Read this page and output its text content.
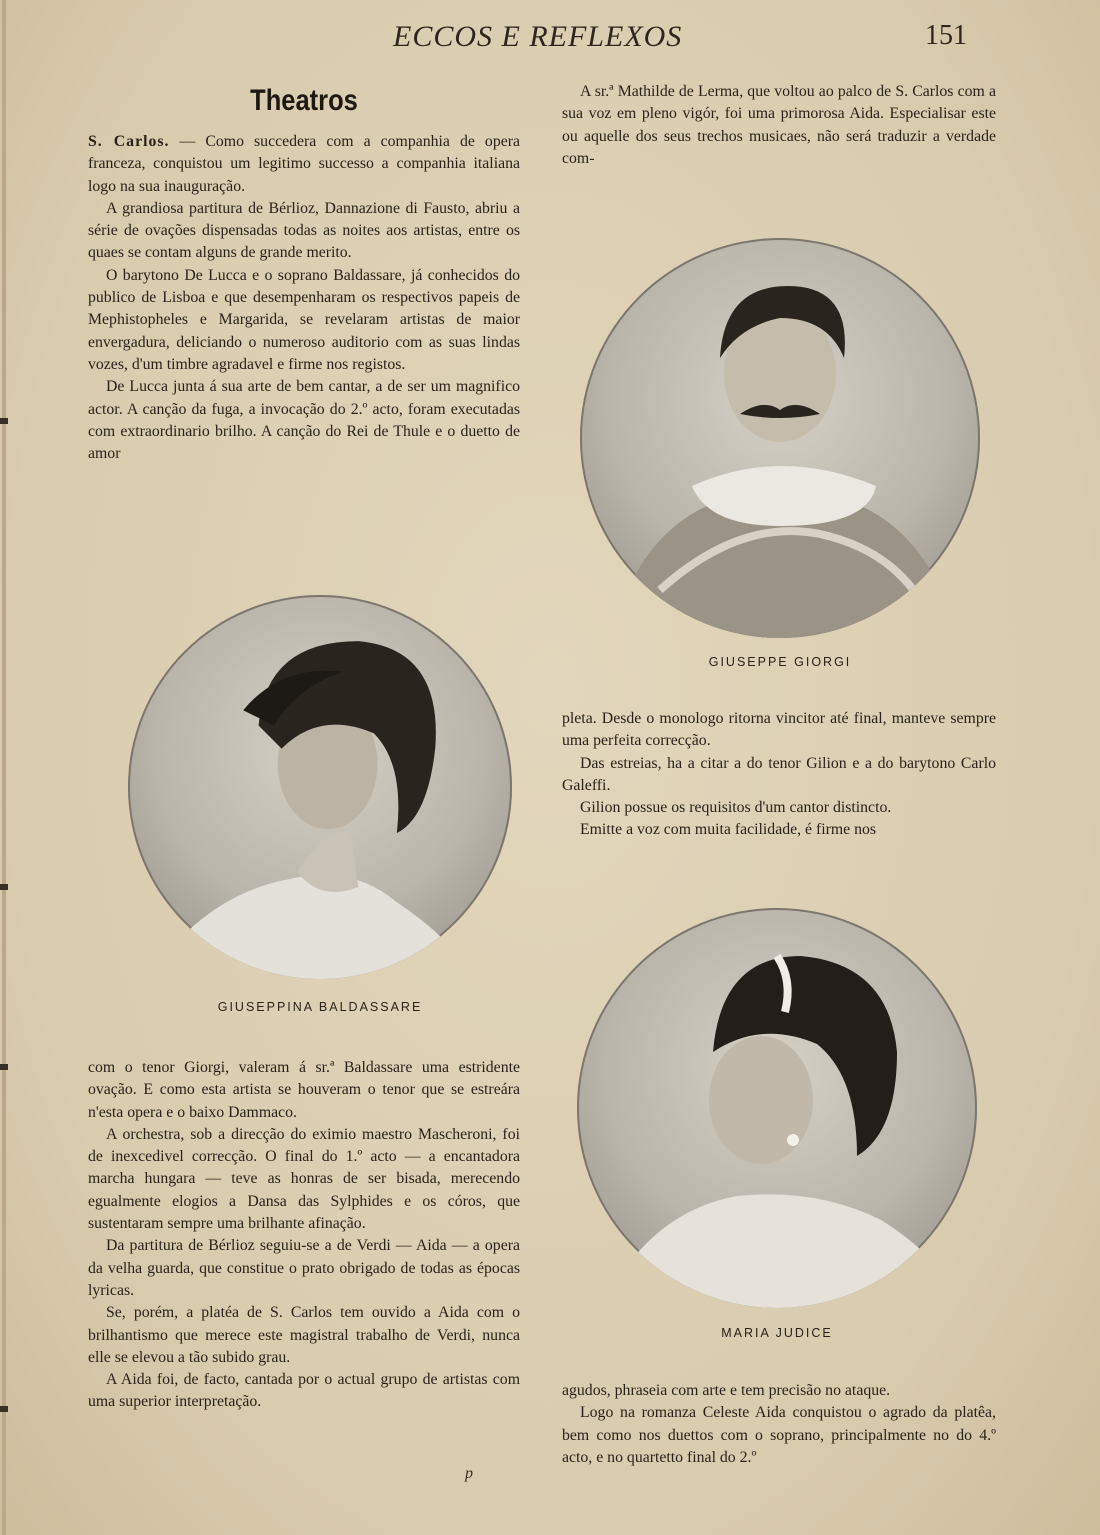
ECCOS E REFLEXOS	151
Theatros

S. Carlos. — Como succedera com a companhia de opera franceza, conquistou um legitimo successo a companhia italiana logo na sua inauguração.

A grandiosa partitura de Bérlioz, Dannazione di Fausto, abriu a série de ovações dispensadas todas as noites aos artistas, entre os quaes se contam alguns de grande merito.

O barytono De Lucca e o soprano Baldassare, já conhecidos do publico de Lisboa e que desempenharam os respectivos papeis de Mephistopheles e Margarida, se revelaram artistas de maior envergadura, deliciando o numeroso auditorio com as suas lindas vozes, d'um timbre agradavel e firme nos registos.

De Lucca junta á sua arte de bem cantar, a de ser um magnifico actor. A canção da fuga, a invocação do 2.º acto, foram executadas com extraordinario brilho. A canção do Rei de Thule e o duetto de amor

GIUSEPPINA BALDASSARE

com o tenor Giorgi, valeram á sr.ª Baldassare uma estridente ovação. E como esta artista se houveram o tenor que se estreára n'esta opera e o baixo Dammaco.

A orchestra, sob a direcção do eximio maestro Mascheroni, foi de inexcedivel correcção. O final do 1.º acto — a encantadora marcha hungara — teve as honras de ser bisada, merecendo egualmente elogios a Dansa das Sylphides e os córos, que sustentaram sempre uma brilhante afinação.

Da partitura de Bérlioz seguiu-se a de Verdi — Aida — a opera da velha guarda, que constitue o prato obrigado de todas as épocas lyricas.

Se, porém, a platéa de S. Carlos tem ouvido a Aida com o brilhantismo que merece este magistral trabalho de Verdi, nunca elle se elevou a tão subido grau.

A Aida foi, de facto, cantada por o actual grupo de artistas com uma superior interpretação.

p

A sr.ª Mathilde de Lerma, que voltou ao palco de S. Carlos com a sua voz em pleno vigór, foi uma primorosa Aida. Especialisar este ou aquelle dos seus trechos musicaes, não será traduzir a verdade com-

GIUSEPPE GIORGI

pleta. Desde o monologo ritorna vincitor até final, manteve sempre uma perfeita correcção.

Das estreias, ha a citar a do tenor Gilion e a do barytono Carlo Galeffi.

Gilion possue os requisitos d'um cantor distincto.

Emitte a voz com muita facilidade, é firme nos

MARIA JUDICE

agudos, phraseia com arte e tem precisão no ataque.

Logo na romanza Celeste Aida conquistou o agrado da platêa, bem como nos duettos com o soprano, principalmente no do 4.º acto, e no quartetto final do 2.º
